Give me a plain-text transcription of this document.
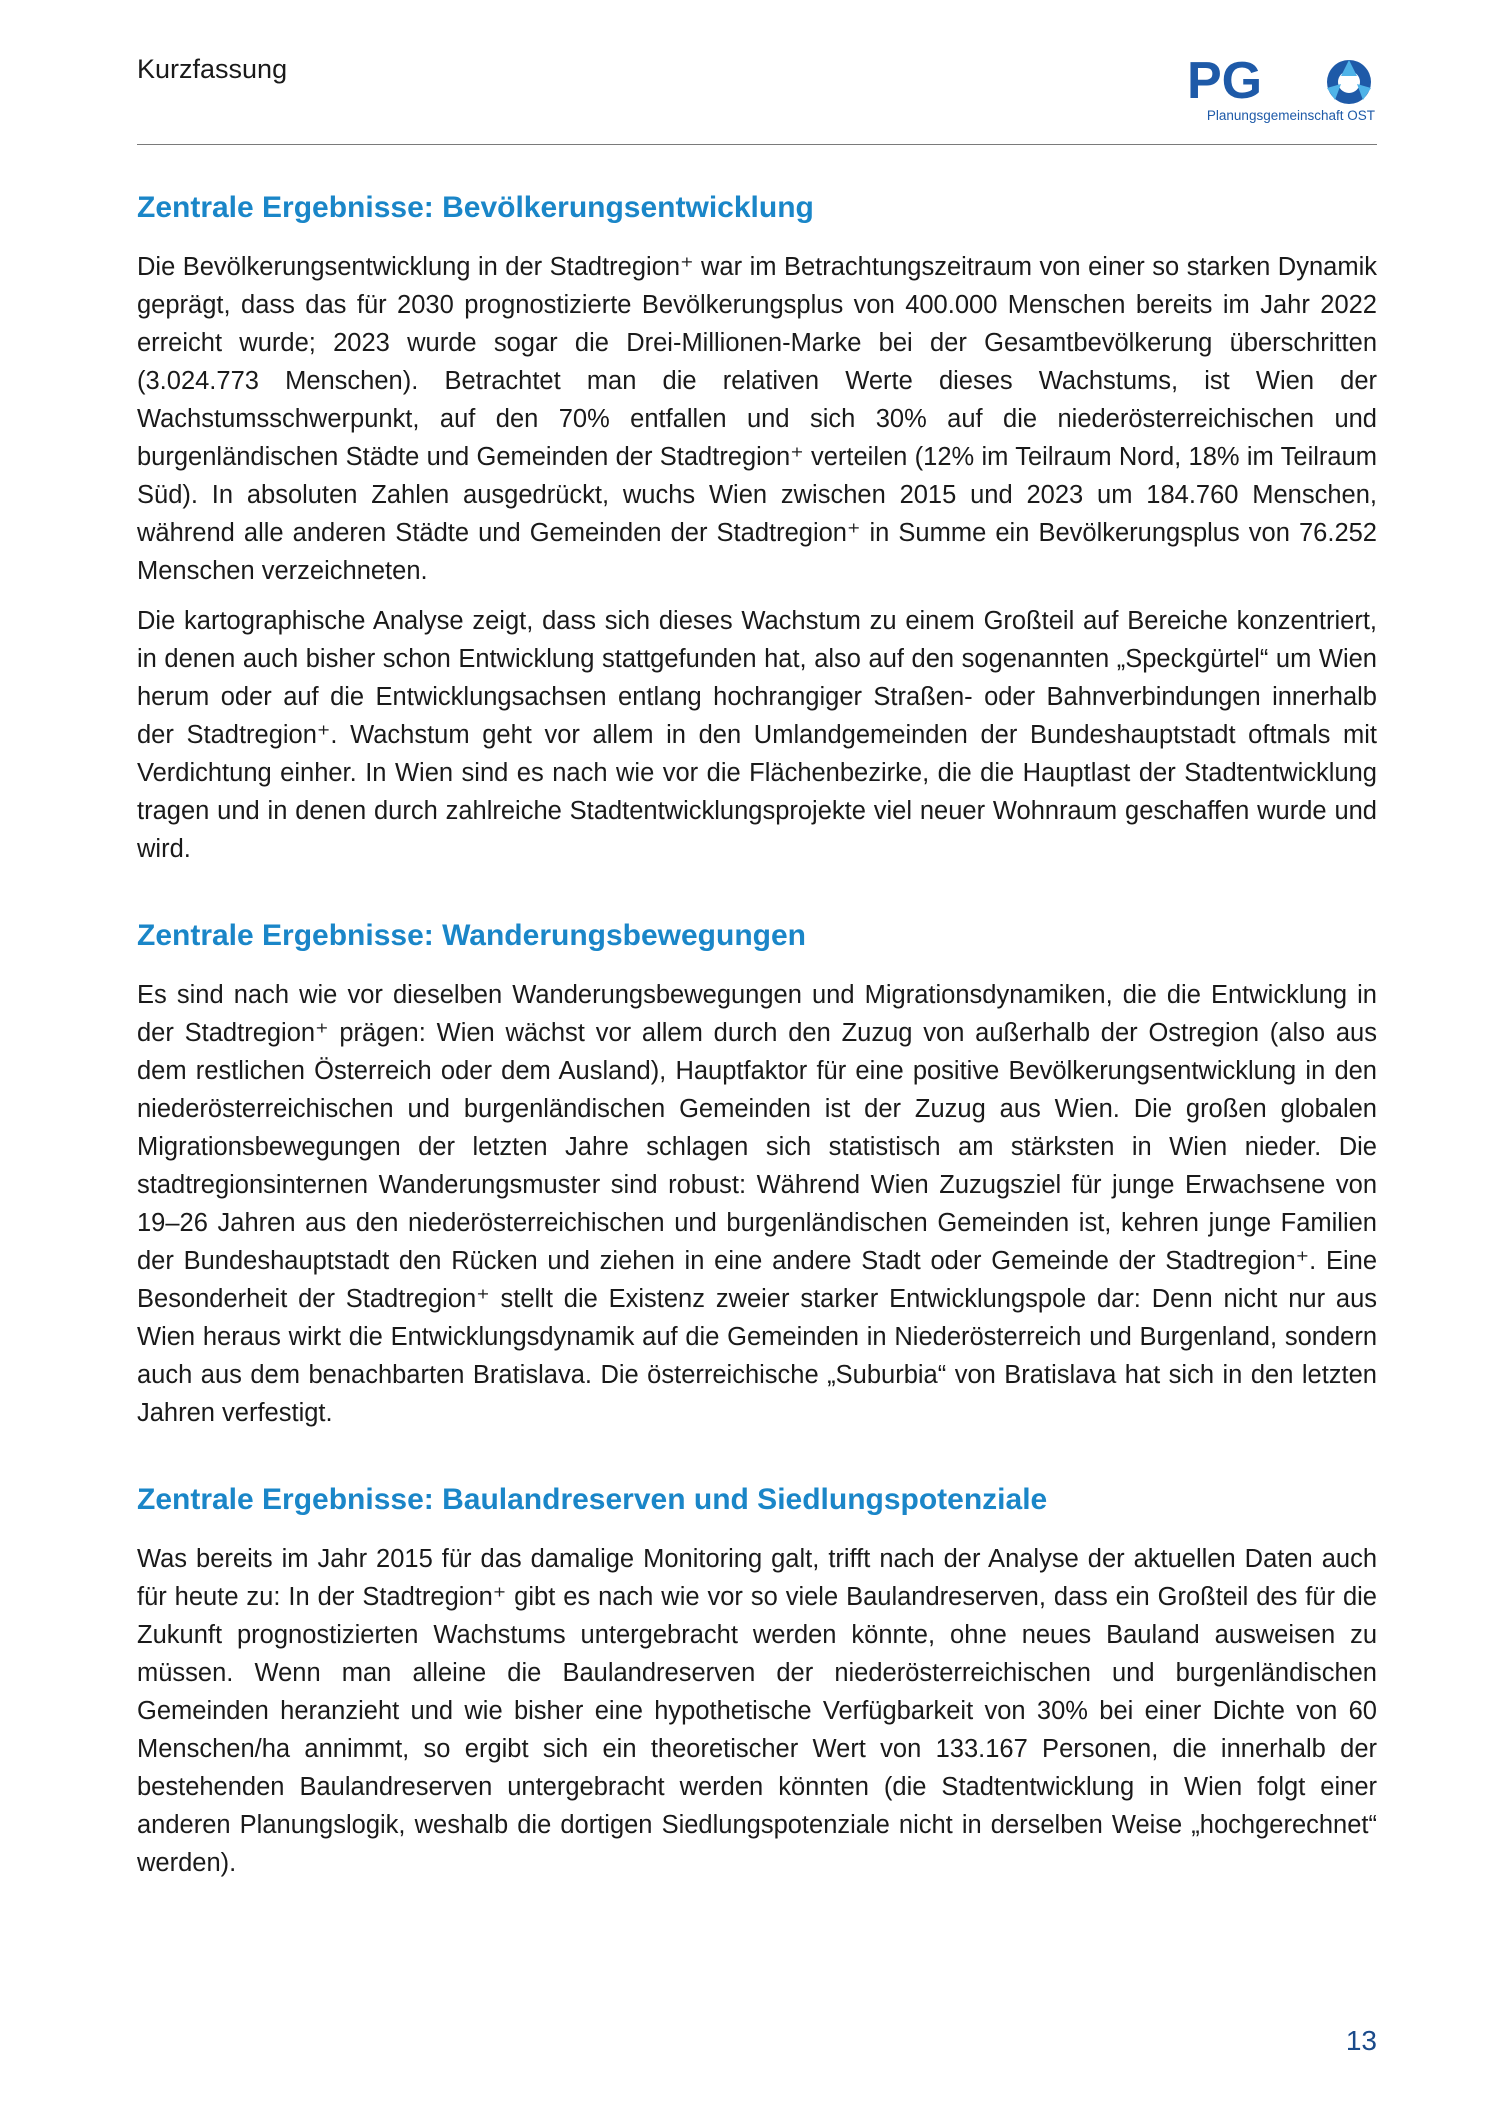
Kurzfassung	PG
Planungsgemeinschaft OST
Zentrale Ergebnisse: Bevölkerungsentwicklung

Die Bevölkerungsentwicklung in der Stadtregion⁺ war im Betrachtungszeitraum von einer so starken Dynamik geprägt, dass das für 2030 prognostizierte Bevölkerungsplus von 400.000 Menschen bereits im Jahr 2022 erreicht wurde; 2023 wurde sogar die Drei-Millionen-Marke bei der Gesamtbevölkerung überschritten (3.024.773 Menschen). Betrachtet man die relativen Werte dieses Wachstums, ist Wien der Wachstumsschwerpunkt, auf den 70% entfallen und sich 30% auf die niederösterreichischen und burgenländischen Städte und Gemeinden der Stadtregion⁺ verteilen (12% im Teilraum Nord, 18% im Teilraum Süd). In absoluten Zahlen ausgedrückt, wuchs Wien zwischen 2015 und 2023 um 184.760 Menschen, während alle anderen Städte und Gemeinden der Stadtregion⁺ in Summe ein Bevölkerungsplus von 76.252 Menschen verzeichneten.

Die kartographische Analyse zeigt, dass sich dieses Wachstum zu einem Großteil auf Bereiche konzentriert, in denen auch bisher schon Entwicklung stattgefunden hat, also auf den sogenannten „Speckgürtel“ um Wien herum oder auf die Entwicklungsachsen entlang hochrangiger Straßen- oder Bahnverbindungen innerhalb der Stadtregion⁺. Wachstum geht vor allem in den Umlandgemeinden der Bundeshauptstadt oftmals mit Verdichtung einher. In Wien sind es nach wie vor die Flächenbezirke, die die Hauptlast der Stadtentwicklung tragen und in denen durch zahlreiche Stadtentwicklungsprojekte viel neuer Wohnraum geschaffen wurde und wird.

Zentrale Ergebnisse: Wanderungsbewegungen

Es sind nach wie vor dieselben Wanderungsbewegungen und Migrationsdynamiken, die die Entwicklung in der Stadtregion⁺ prägen: Wien wächst vor allem durch den Zuzug von außerhalb der Ostregion (also aus dem restlichen Österreich oder dem Ausland), Hauptfaktor für eine positive Bevölkerungsentwicklung in den niederösterreichischen und burgenländischen Gemeinden ist der Zuzug aus Wien. Die großen globalen Migrationsbewegungen der letzten Jahre schlagen sich statistisch am stärksten in Wien nieder. Die stadtregionsinternen Wanderungsmuster sind robust: Während Wien Zuzugsziel für junge Erwachsene von 19–26 Jahren aus den niederösterreichischen und burgenländischen Gemeinden ist, kehren junge Familien der Bundeshauptstadt den Rücken und ziehen in eine andere Stadt oder Gemeinde der Stadtregion⁺. Eine Besonderheit der Stadtregion⁺ stellt die Existenz zweier starker Entwicklungspole dar: Denn nicht nur aus Wien heraus wirkt die Entwicklungsdynamik auf die Gemeinden in Niederösterreich und Burgenland, sondern auch aus dem benachbarten Bratislava. Die österreichische „Suburbia“ von Bratislava hat sich in den letzten Jahren verfestigt.

Zentrale Ergebnisse: Baulandreserven und Siedlungspotenziale

Was bereits im Jahr 2015 für das damalige Monitoring galt, trifft nach der Analyse der aktuellen Daten auch für heute zu: In der Stadtregion⁺ gibt es nach wie vor so viele Baulandreserven, dass ein Großteil des für die Zukunft prognostizierten Wachstums untergebracht werden könnte, ohne neues Bauland ausweisen zu müssen. Wenn man alleine die Baulandreserven der niederösterreichischen und burgenländischen Gemeinden heranzieht und wie bisher eine hypothetische Verfügbarkeit von 30% bei einer Dichte von 60 Menschen/ha annimmt, so ergibt sich ein theoretischer Wert von 133.167 Personen, die innerhalb der bestehenden Baulandreserven untergebracht werden könnten (die Stadtentwicklung in Wien folgt einer anderen Planungslogik, weshalb die dortigen Siedlungspotenziale nicht in derselben Weise „hochgerechnet“ werden).

13
